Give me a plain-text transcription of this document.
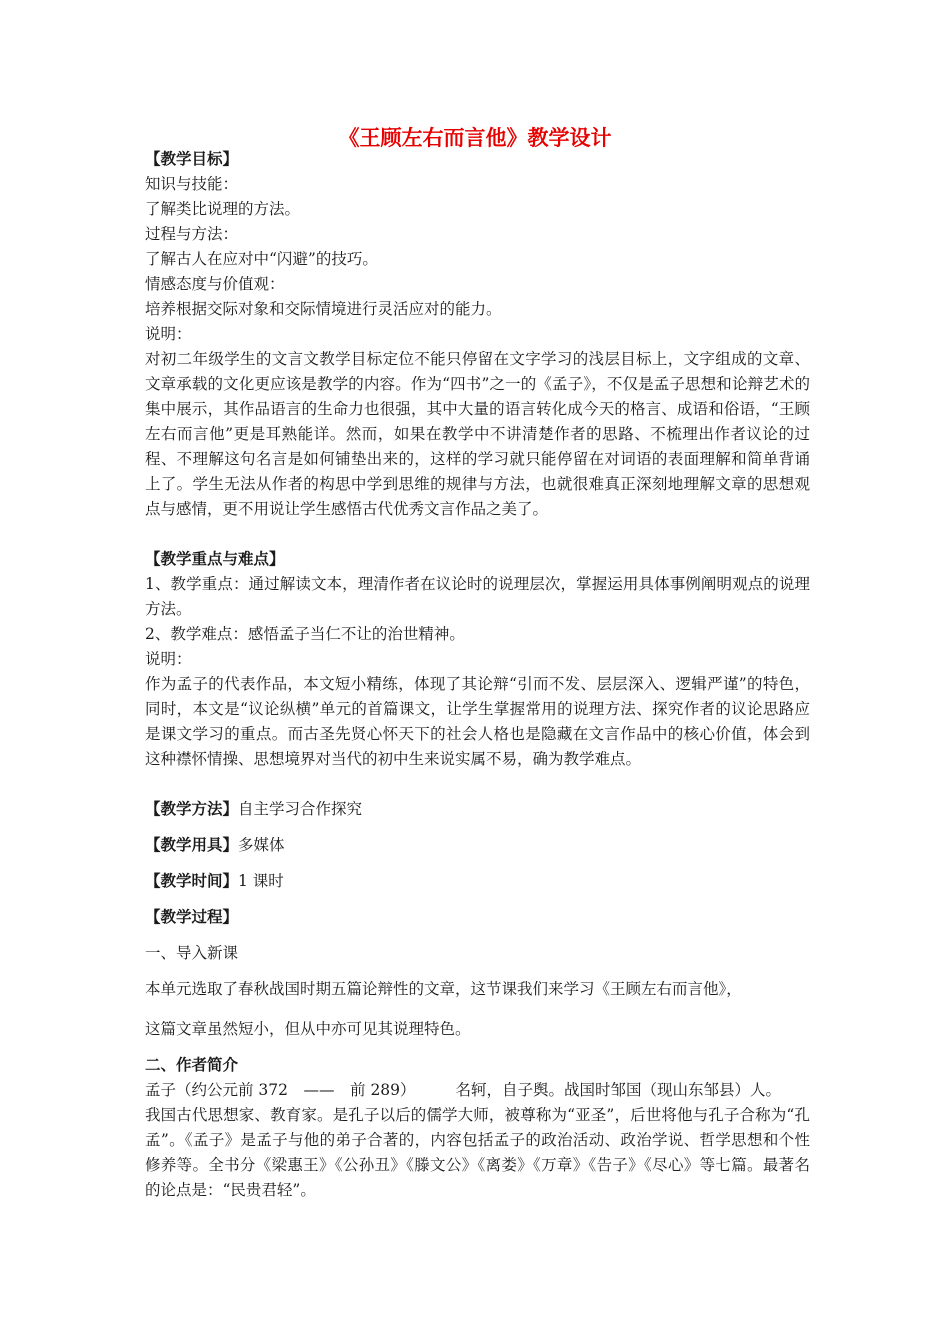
《王顾左右而言他》教学设计

【教学目标】

知识与技能：

了解类比说理的方法。

过程与方法：

了解古人在应对中“闪避”的技巧。

情感态度与价值观：

培养根据交际对象和交际情境进行灵活应对的能力。

说明：

对初二年级学生的文言文教学目标定位不能只停留在文字学习的浅层目标上，文字组成的文章、文章承载的文化更应该是教学的内容。作为“四书”之一的《孟子》，不仅是孟子思想和论辩艺术的集中展示，其作品语言的生命力也很强，其中大量的语言转化成今天的格言、成语和俗语，“王顾左右而言他”更是耳熟能详。然而，如果在教学中不讲清楚作者的思路、不梳理出作者议论的过程、不理解这句名言是如何铺垫出来的，这样的学习就只能停留在对词语的表面理解和简单背诵上了。学生无法从作者的构思中学到思维的规律与方法，也就很难真正深刻地理解文章的思想观点与感情，更不用说让学生感悟古代优秀文言作品之美了。

【教学重点与难点】

1、教学重点：通过解读文本，理清作者在议论时的说理层次，掌握运用具体事例阐明观点的说理方法。

2、教学难点：感悟孟子当仁不让的治世精神。

说明：

作为孟子的代表作品，本文短小精练，体现了其论辩“引而不发、层层深入、逻辑严谨”的特色，同时，本文是“议论纵横”单元的首篇课文，让学生掌握常用的说理方法、探究作者的议论思路应是课文学习的重点。而古圣先贤心怀天下的社会人格也是隐藏在文言作品中的核心价值，体会到这种襟怀情操、思想境界对当代的初中生来说实属不易，确为教学难点。

【教学方法】自主学习合作探究

【教学用具】多媒体

【教学时间】1 课时

【教学过程】

一、导入新课

本单元选取了春秋战国时期五篇论辩性的文章，这节课我们来学习《王顾左右而言他》，

这篇文章虽然短小，但从中亦可见其说理特色。

二、作者简介

孟子（约公元前 372　——　前 289）	名轲，自子舆。战国时邹国（现山东邹县）人。

我国古代思想家、教育家。是孔子以后的儒学大师，被尊称为“亚圣”，后世将他与孔子合称为“孔孟”。《孟子》是孟子与他的弟子合著的，内容包括孟子的政治活动、政治学说、哲学思想和个性修养等。全书分《梁惠王》《公孙丑》《滕文公》《离娄》《万章》《告子》《尽心》等七篇。最著名的论点是：“民贵君轻”。
